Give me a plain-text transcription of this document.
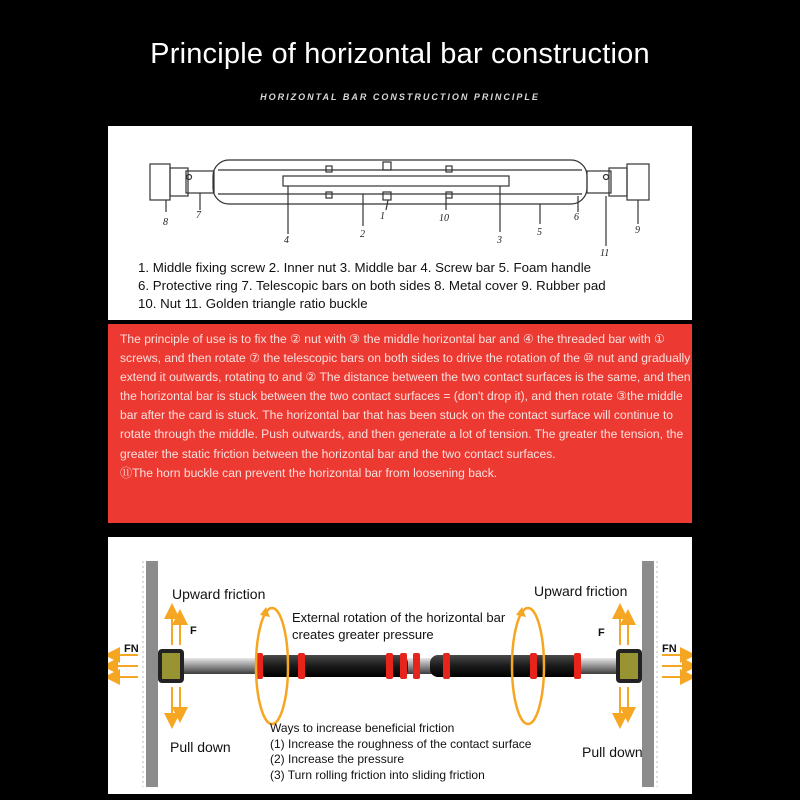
Principle of horizontal bar construction
HORIZONTAL BAR CONSTRUCTION PRINCIPLE
8
7
4
2
1	10
3
5
6
11
9
1. Middle fixing screw 2. Inner nut 3. Middle bar 4. Screw bar 5. Foam handle
6. Protective ring 7. Telescopic bars on both sides 8. Metal cover 9. Rubber pad
10. Nut 11. Golden triangle ratio buckle

The principle of use is to fix the ② nut with ③ the middle horizontal bar and ④ the threaded bar with ① screws, and then rotate ⑦ the telescopic bars on both sides to drive the rotation of the ⑩ nut and gradually extend it outwards, rotating to and ② The distance between the two contact surfaces is the same, and then the horizontal bar is stuck between the two contact surfaces = (don't drop it), and then rotate ③the middle bar after the card is stuck. The horizontal bar that has been stuck on the contact surface will continue to rotate through the middle. Push outwards, and then generate a lot of tension. The greater the tension, the greater the static friction between the horizontal bar and the two contact surfaces.

⑪The horn buckle can prevent the horizontal bar from loosening back.

Upward friction	Upward friction
Pull down	Pull down
F	F
FN	FN
External rotation of the horizontal bar
creates greater pressure
Ways to increase beneficial friction
(1) Increase the roughness of the contact surface
(2) Increase the pressure
(3) Turn rolling friction into sliding friction
